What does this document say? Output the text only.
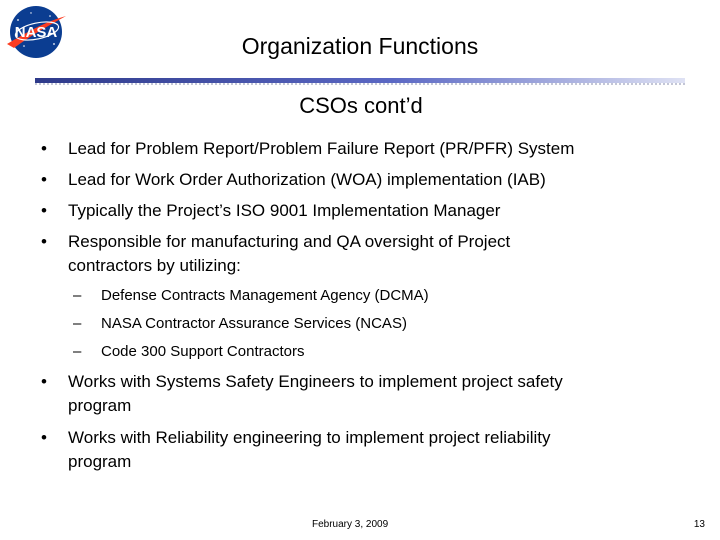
NASA
Organization Functions
CSOs cont’d
• Lead for Problem Report/Problem Failure Report (PR/PFR) System
• Lead for Work Order Authorization (WOA) implementation (IAB)
• Typically the Project’s ISO 9001 Implementation Manager
• Responsible for manufacturing and QA oversight of Project
contractors by utilizing:
– Defense Contracts Management Agency (DCMA)
– NASA Contractor Assurance Services (NCAS)
– Code 300 Support Contractors
• Works with Systems Safety Engineers to implement project safety
program
• Works with Reliability engineering to implement project reliability
program
February 3, 2009	13
